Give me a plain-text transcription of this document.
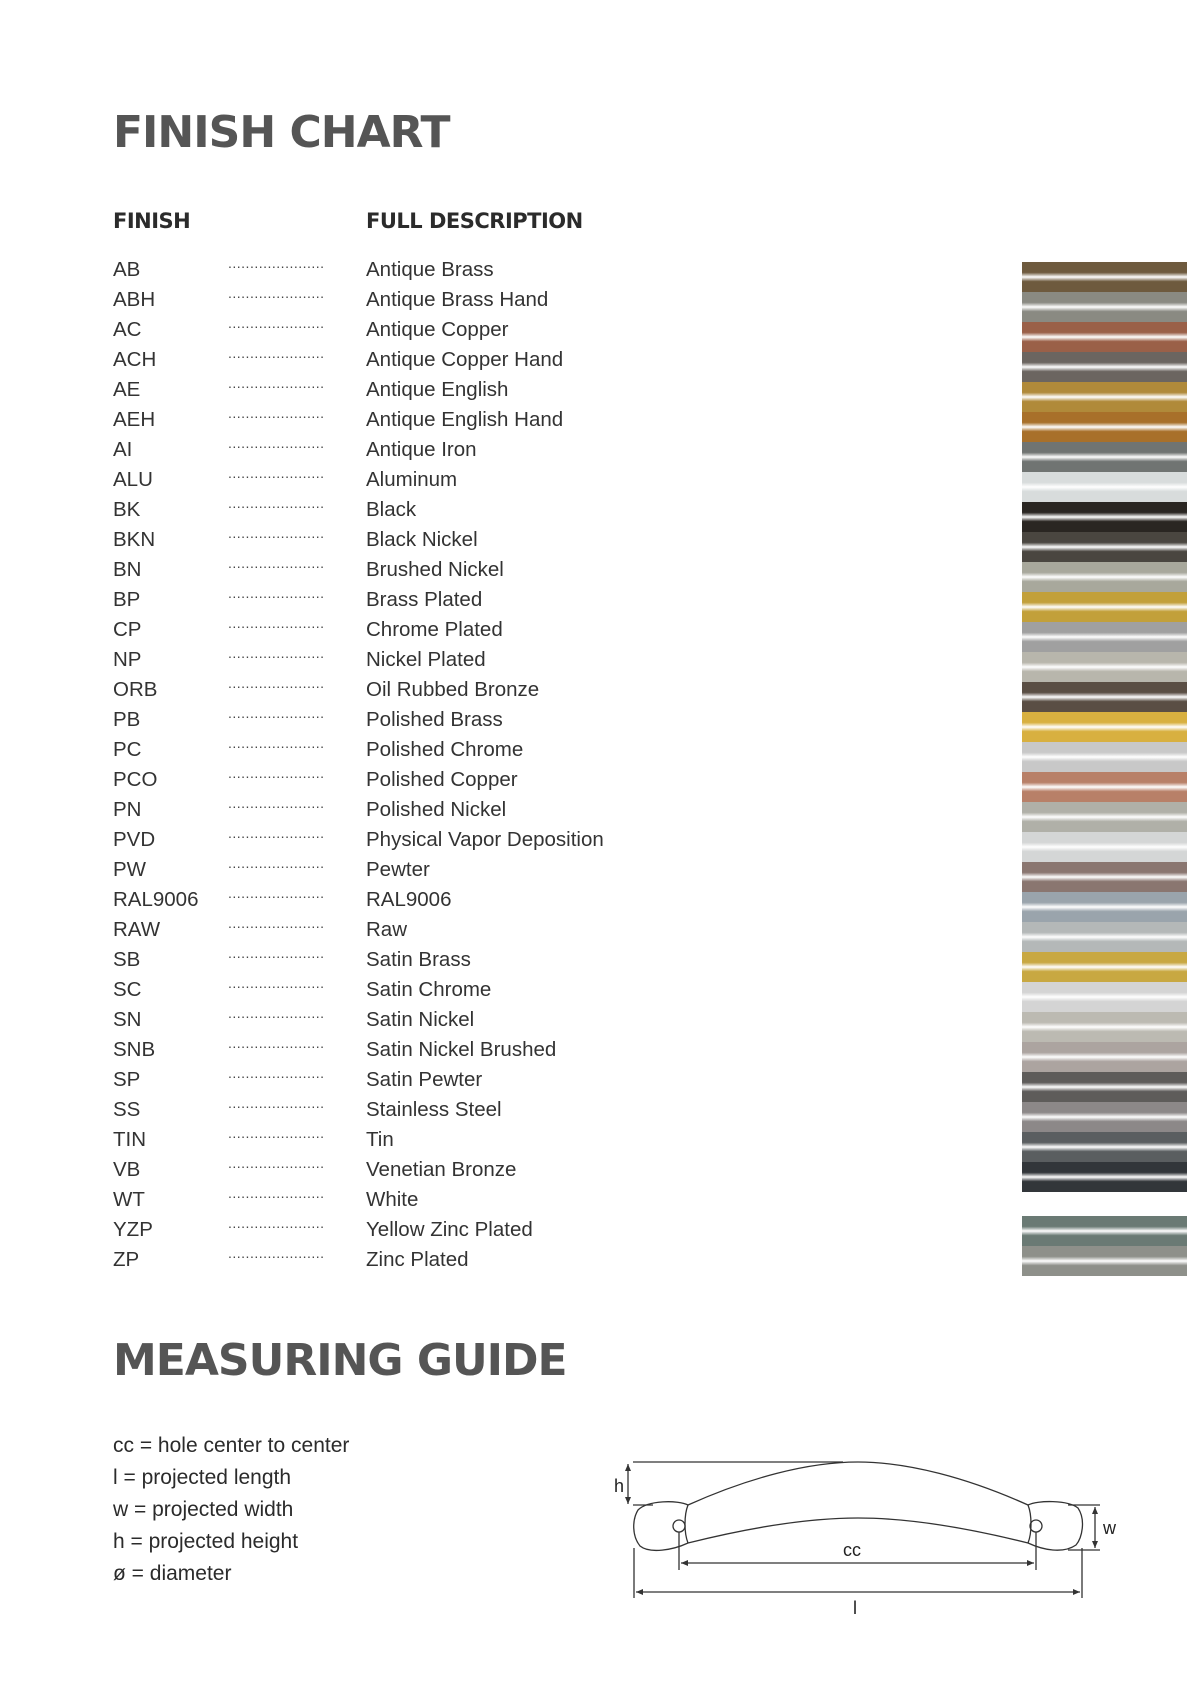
FINISH CHART
FINISH	FULL DESCRIPTION
AB	...................... Antique Brass
ABH	...................... Antique Brass Hand
AC	...................... Antique Copper
ACH	...................... Antique Copper Hand
AE	...................... Antique English
AEH	...................... Antique English Hand
AI	...................... Antique Iron
ALU	...................... Aluminum
BK	...................... Black
BKN	...................... Black Nickel
BN	...................... Brushed Nickel
BP	...................... Brass Plated
CP	...................... Chrome Plated
NP	...................... Nickel Plated
ORB	...................... Oil Rubbed Bronze
PB	...................... Polished Brass
PC	...................... Polished Chrome
PCO	...................... Polished Copper
PN	...................... Polished Nickel
PVD	...................... Physical Vapor Deposition
PW	...................... Pewter
RAL9006 ...................... RAL9006
RAW	...................... Raw
SB	...................... Satin Brass
SC	...................... Satin Chrome
SN	...................... Satin Nickel
SNB	...................... Satin Nickel Brushed
SP	...................... Satin Pewter
SS	...................... Stainless Steel
TIN	...................... Tin
VB	...................... Venetian Bronze
WT	...................... White
YZP	...................... Yellow Zinc Plated
ZP	...................... Zinc Plated
MEASURING GUIDE
cc = hole center to center
l = projected length
w = projected width
h = projected height
ø = diameter
h
w
cc
l
